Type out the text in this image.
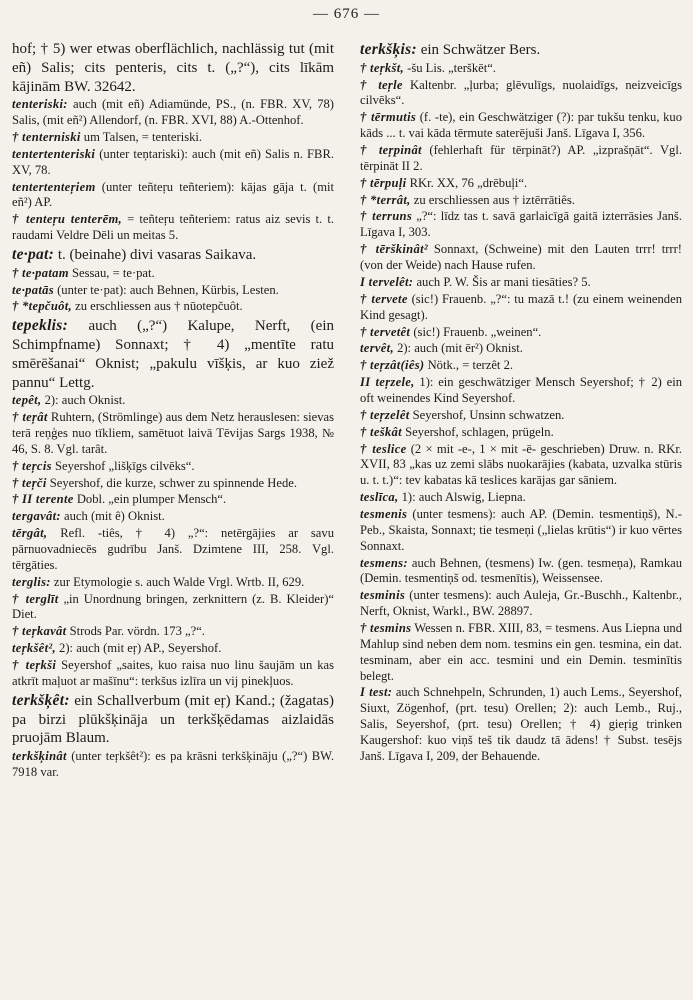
— 676 —

hof; † 5) wer etwas oberflächlich, nachlässig tut (mit eñ) Salis; cits penteris, cits t. („?“), cits līkām kājinām BW. 32642.

tenteriski: auch (mit eñ) Adiamünde, PS., (n. FBR. XV, 78) Salis, (mit eñ²) Allendorf, (n. FBR. XVI, 88) A.-Ottenhof.

† tenterniski um Talsen, = tenteriski.

tentertenteriski (unter teņtariski): auch (mit eñ) Salis n. FBR. XV, 78.

tentertenteŗiem (unter teñteŗu teñteriem): kājas gāja t. (mit eñ²) AP.

† tenteŗu tenterēm, = teñteŗu teñteriem: ratus aiz sevis t. t. raudami Veldre Dēli un meitas 5.

te·pat: t. (beinahe) divi vasaras Saikava.

† te·patam Sessau, = te·pat.

te·patās (unter te·pat): auch Behnen, Kürbis, Lesten.

† *tepčuôt, zu erschliessen aus † nūotepčuôt.

tepeklis: auch („?“) Kalupe, Nerft, (ein Schimpfname) Sonnaxt; † 4) „mentīte ratu smērēšanai“ Oknist; „pakulu vīšķis, ar kuo ziež pannu“ Lettg.

tepêt, 2): auch Oknist.

† teŗât Ruhtern, (Strömlinge) aus dem Netz herauslesen: sievas terā reņģes nuo tīkliem, samētuot laivā Tēvijas Sargs 1938, № 46, S. 8. Vgl. tarât.

† teŗcis Seyershof „lišķīgs cilvēks“.

† teŗči Seyershof, die kurze, schwer zu spinnende Hede.

† II terente Dobl. „ein plumper Mensch“.

tergavât: auch (mit ê) Oknist.

tērgât, Refl. -tiês, † 4) „?“: netērgājies ar savu pārnuovadniecēs gudrību Janš. Dzimtene III, 258. Vgl. tērgāties.

terglis: zur Etymologie s. auch Walde Vrgl. Wrtb. II, 629.

† terglīt „in Unordnung bringen, zerknittern (z. B. Kleider)“ Diet.

† teŗkavât Strods Par. vördn. 173 „?“.

teŗkšêt², 2): auch (mit eŗ) AP., Seyershof.

† teŗkši Seyershof „saites, kuo raisa nuo linu šaujām un kas atkrīt maļuot ar mašīnu“: terkšus izlīra un vij pinekļuos.

terkšķêt: ein Schallverbum (mit eŗ) Kand.; (žagatas) pa birzi plūkšķināja un terkšķēdamas aizlaidās pruojām Blaum.

terkšķinât (unter teŗkšêt²): es pa krāsni terkšķināju („?“) BW. 7918 var.

terkšķis: ein Schwätzer Bers.

† teŗkšt, -šu Lis. „terškēt“.

† teŗle Kaltenbr. „ļurba; glēvulīgs, nuolaidīgs, neizveicīgs cilvēks“.

† tērmutis (f. -te), ein Geschwätziger (?): par tukšu tenku, kuo kāds ... t. vai kāda tērmute saterējuši Janš. Līgava I, 356.

† teŗpinât (fehlerhaft für tērpināt?) AP. „izprašņāt“. Vgl. tērpināt II 2.

† tērpuļi RKr. XX, 76 „drēbuļi“.

† *terrât, zu erschliessen aus † iztērrātiês.

† terruns „?“: līdz tas t. savā garlaicīgā gaitā izterrāsies Janš. Līgava I, 303.

† tērškinât² Sonnaxt, (Schweine) mit den Lauten trrr! trrr! (von der Weide) nach Hause rufen.

I tervelêt: auch P. W. Šis ar mani tiesāties? 5.

† tervete (sic!) Frauenb. „?“: tu mazā t.! (zu einem weinenden Kind gesagt).

† tervetêt (sic!) Frauenb. „weinen“.

tervêt, 2): auch (mit ēr²) Oknist.

† teŗzât(iês) Nötk., = terzêt 2.

II teŗzele, 1): ein geschwätziger Mensch Seyershof; † 2) ein oft weinendes Kind Seyershof.

† teŗzelêt Seyershof, Unsinn schwatzen.

† teškât Seyershof, schlagen, prügeln.

† teslice (2 × mit -e-, 1 × mit -ē- geschrieben) Druw. n. RKr. XVII, 83 „kas uz zemi slābs nuokarājies (kabata, uzvalka stūris u. t. t.)“: tev kabatas kā teslices karājas gar sāniem.

teslīca, 1): auch Alswig, Liepna.

tesmenis (unter tesmens): auch AP. (Demin. tesmentiņš), N.-Peb., Skaista, Sonnaxt; tie tesmeņi („lielas krūtis“) ir kuo vērtes Sonnaxt.

tesmens: auch Behnen, (tesmens) Iw. (gen. tesmeņa), Ramkau (Demin. tesmentiņš od. tesmenītis), Weissensee.

tesminis (unter tesmens): auch Auleja, Gr.-Buschh., Kaltenbr., Nerft, Oknist, Warkl., BW. 28897.

† tesmins Wessen n. FBR. XIII, 83, = tesmens. Aus Liepna und Mahlup sind neben dem nom. tesmins ein gen. tesmina, ein dat. tesminam, aber ein acc. tesmini und ein Demin. tesminītis belegt.

I test: auch Schnehpeln, Schrunden, 1) auch Lems., Seyershof, Siuxt, Zögenhof, (prt. tesu) Orellen; 2): auch Lemb., Ruj., Salis, Seyershof, (prt. tesu) Orellen; † 4) gieŗig trinken Kaugershof: kuo viņš teš tik daudz tā ādens! † Subst. tesējs Janš. Līgava I, 209, der Behauende.
